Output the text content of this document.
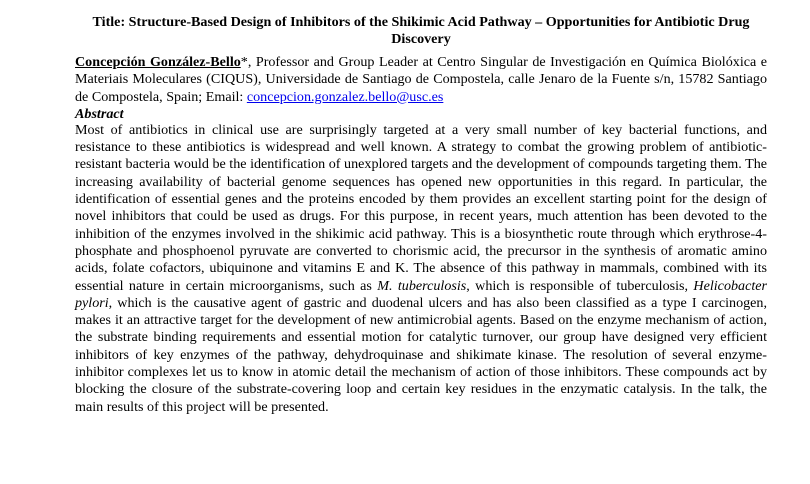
Title: Structure-Based Design of Inhibitors of the Shikimic Acid Pathway – Opportunities for Antibiotic Drug Discovery

Concepción González-Bello*, Professor and Group Leader at Centro Singular de Investigación en Química Biolóxica e Materiais Moleculares (CIQUS), Universidade de Santiago de Compostela, calle Jenaro de la Fuente s/n, 15782 Santiago de Compostela, Spain; Email: concepcion.gonzalez.bello@usc.es

Abstract

Most of antibiotics in clinical use are surprisingly targeted at a very small number of key bacterial functions, and resistance to these antibiotics is widespread and well known. A strategy to combat the growing problem of antibiotic-resistant bacteria would be the identification of unexplored targets and the development of compounds targeting them. The increasing availability of bacterial genome sequences has opened new opportunities in this regard. In particular, the identification of essential genes and the proteins encoded by them provides an excellent starting point for the design of novel inhibitors that could be used as drugs. For this purpose, in recent years, much attention has been devoted to the inhibition of the enzymes involved in the shikimic acid pathway. This is a biosynthetic route through which erythrose-4-phosphate and phosphoenol pyruvate are converted to chorismic acid, the precursor in the synthesis of aromatic amino acids, folate cofactors, ubiquinone and vitamins E and K. The absence of this pathway in mammals, combined with its essential nature in certain microorganisms, such as M. tuberculosis, which is responsible of tuberculosis, Helicobacter pylori, which is the causative agent of gastric and duodenal ulcers and has also been classified as a type I carcinogen, makes it an attractive target for the development of new antimicrobial agents. Based on the enzyme mechanism of action, the substrate binding requirements and essential motion for catalytic turnover, our group have designed very efficient inhibitors of key enzymes of the pathway, dehydroquinase and shikimate kinase. The resolution of several enzyme-inhibitor complexes let us to know in atomic detail the mechanism of action of those inhibitors. These compounds act by blocking the closure of the substrate-covering loop and certain key residues in the enzymatic catalysis. In the talk, the main results of this project will be presented.
